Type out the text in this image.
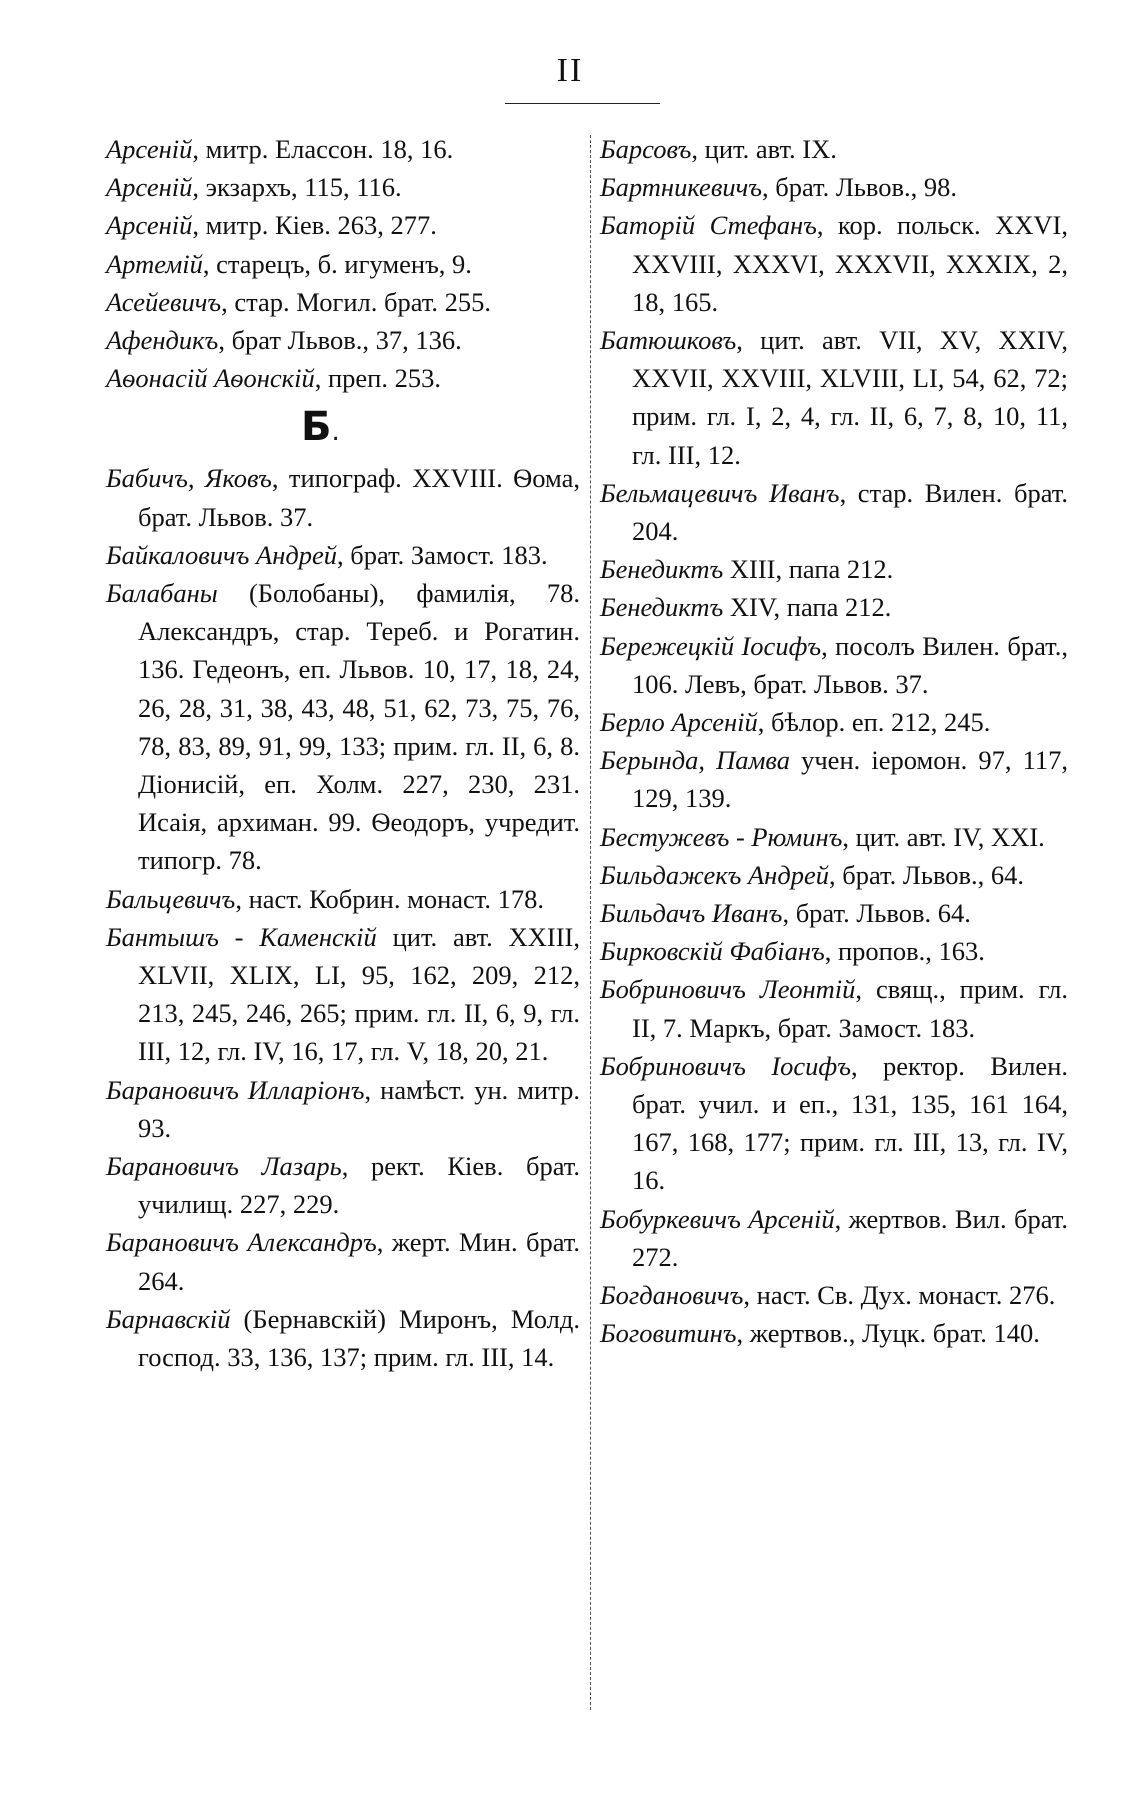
II
Арсеній, митр. Елассон. 18, 16.
Арсеній, экзархъ, 115, 116.
Арсеній, митр. Кіев. 263, 277.
Артемій, старецъ, б. игуменъ, 9.
Асейевичъ, стар. Могил. брат. 255.
Афендикъ, брат Львов., 37, 136.
Аѳонасій Аѳонскій, преп. 253.
Б.
Бабичъ, Яковъ, типограф. XXVIII. Ѳома, брат. Львов. 37.
Байкаловичъ Андрей, брат. Замост. 183.
Балабаны (Болобаны), фамилія, 78. Александръ, стар. Тереб. и Рогатин. 136. Гедеонъ, еп. Львов. 10, 17, 18, 24, 26, 28, 31, 38, 43, 48, 51, 62, 73, 75, 76, 78, 83, 89, 91, 99, 133; прим. гл. II, 6, 8. Діонисій, еп. Холм. 227, 230, 231. Исаія, архиман. 99. Ѳеодоръ, учредит. типогр. 78.
Бальцевичъ, наст. Кобрин. монаст. 178.
Бантышъ - Каменскій цит. авт. XXIII, XLVII, XLIX, LI, 95, 162, 209, 212, 213, 245, 246, 265; прим. гл. II, 6, 9, гл. III, 12, гл. IV, 16, 17, гл. V, 18, 20, 21.
Барановичъ Илларіонъ, намѣст. ун. митр. 93.
Барановичъ Лазарь, рект. Кіев. брат. училищ. 227, 229.
Барановичъ Александръ, жерт. Мин. брат. 264.
Барнавскій (Бернавскій) Миронъ, Молд. господ. 33, 136, 137; прим. гл. III, 14.
Барсовъ, цит. авт. IX.
Бартникевичъ, брат. Львов., 98.
Баторій Стефанъ, кор. польск. XXVI, XXVIII, XXXVI, XXXVII, XXXIX, 2, 18, 165.
Батюшковъ, цит. авт. VII, XV, XXIV, XXVII, XXVIII, XLVIII, LI, 54, 62, 72; прим. гл. I, 2, 4, гл. II, 6, 7, 8, 10, 11, гл. III, 12.
Бельмацевичъ Иванъ, стар. Вилен. брат. 204.
Бенедиктъ XIII, папа 212.
Бенедиктъ XIV, папа 212.
Бережецкій Іосифъ, посолъ Вилен. брат., 106. Левъ, брат. Львов. 37.
Берло Арсеній, бѣлор. еп. 212, 245.
Берында, Памва учен. іеромон. 97, 117, 129, 139.
Бестужевъ - Рюминъ, цит. авт. IV, XXI.
Бильдажекъ Андрей, брат. Львов., 64.
Бильдачъ Иванъ, брат. Львов. 64.
Бирковскій Фабіанъ, пропов., 163.
Бобриновичъ Леонтій, свящ., прим. гл. II, 7. Маркъ, брат. Замост. 183.
Бобриновичъ Іосифъ, ректор. Вилен. брат. учил. и еп., 131, 135, 161 164, 167, 168, 177; прим. гл. III, 13, гл. IV, 16.
Бобуркевичъ Арсеній, жертвов. Вил. брат. 272.
Богдановичъ, наст. Св. Дух. монаст. 276.
Боговитинъ, жертвов., Луцк. брат. 140.
